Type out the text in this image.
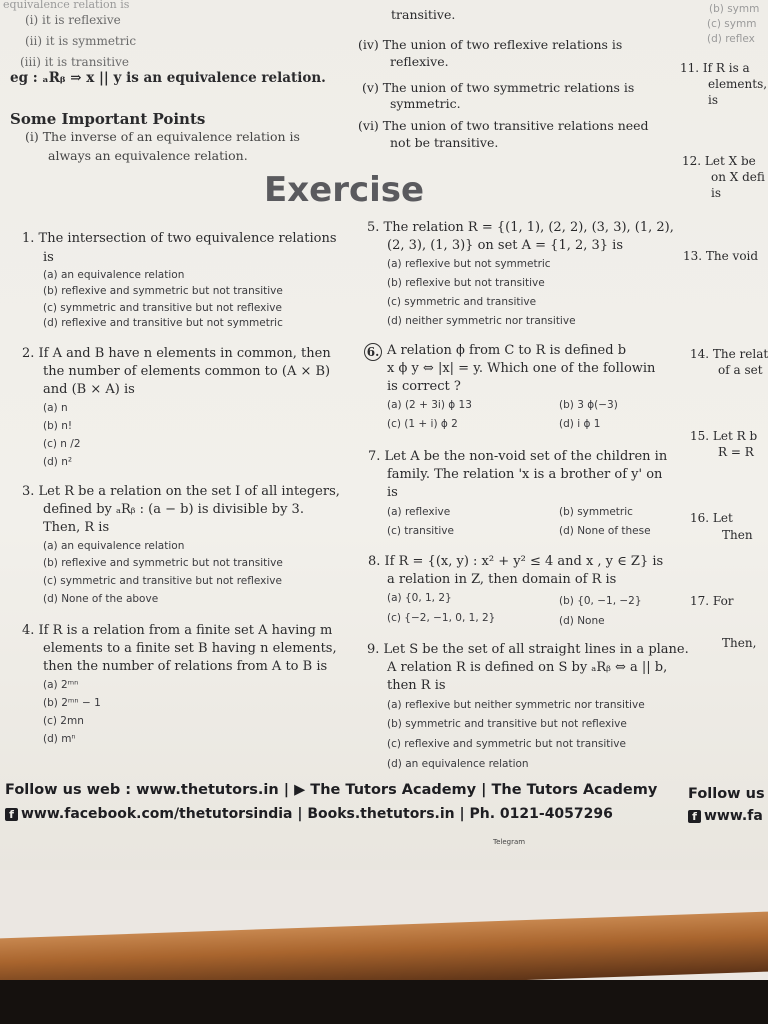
equivalence relation is
(i) it is reflexive
(ii) it is symmetric
(iii) it is transitive
eg : ₐRᵦ ⇒ x || y is an equivalence relation.
Some Important Points
(i) The inverse of an equivalence relation is
always an equivalence relation.
transitive.
(iv) The union of two reflexive relations is
reflexive.
(v) The union of two symmetric relations is
symmetric.
(vi) The union of two transitive relations need
not be transitive.
Exercise
1. The intersection of two equivalence relations
is
(a) an equivalence relation
(b) reflexive and symmetric but not transitive
(c) symmetric and transitive but not reflexive
(d) reflexive and transitive but not symmetric
2. If A and B have n elements in common, then
the number of elements common to (A × B)
and (B × A) is
(a) n
(b) n!
(c) n /2
(d) n²
3. Let R be a relation on the set I of all integers,
defined by ₐRᵦ : (a − b) is divisible by 3.
Then, R is
(a) an equivalence relation
(b) reflexive and symmetric but not transitive
(c) symmetric and transitive but not reflexive
(d) None of the above
4. If R is a relation from a finite set A having m
elements to a finite set B having n elements,
then the number of relations from A to B is
(a) 2ᵐⁿ
(b) 2ᵐⁿ − 1
(c) 2mn
(d) mⁿ
5. The relation R = {(1, 1), (2, 2), (3, 3), (1, 2),
(2, 3), (1, 3)} on set A = {1, 2, 3} is
(a) reflexive but not symmetric
(b) reflexive but not transitive
(c) symmetric and transitive
(d) neither symmetric nor transitive
6. A relation ϕ from C to R is defined b
x ϕ y ⇔ |x| = y. Which one of the followin
is correct ?
(a) (2 + 3i) ϕ 13	(b) 3 ϕ(−3)
(c) (1 + i) ϕ 2	(d) i ϕ 1
7. Let A be the non-void set of the children in
family. The relation 'x is a brother of y' on
is
(a) reflexive	(b) symmetric
(c) transitive	(d) None of these
8. If R = {(x, y) : x² + y² ≤ 4 and x , y ∈ Z} is
a relation in Z, then domain of R is
(a) {0, 1, 2}	(b) {0, −1, −2}
(c) {−2, −1, 0, 1, 2}	(d) None
9. Let S be the set of all straight lines in a plane.
A relation R is defined on S by ₐRᵦ ⇔ a || b,
then R is
(a) reflexive but neither symmetric nor transitive
(b) symmetric and transitive but not reflexive
(c) reflexive and symmetric but not transitive
(d) an equivalence relation
(b) symm
(c) symm
(d) reflex
11. If R is a
elements,
is
12. Let X be
on X defi
is
13. The void
14. The relat
of a set
15. Let R b
R = R
16. Let
Then
17. For
Then,
Follow us web : www.thetutors.in | ▶ The Tutors Academy | The Tutors Academy
f www.facebook.com/thetutorsindia | Books.thetutors.in | Ph. 0121-4057296
Telegram
Follow us
f www.fa
